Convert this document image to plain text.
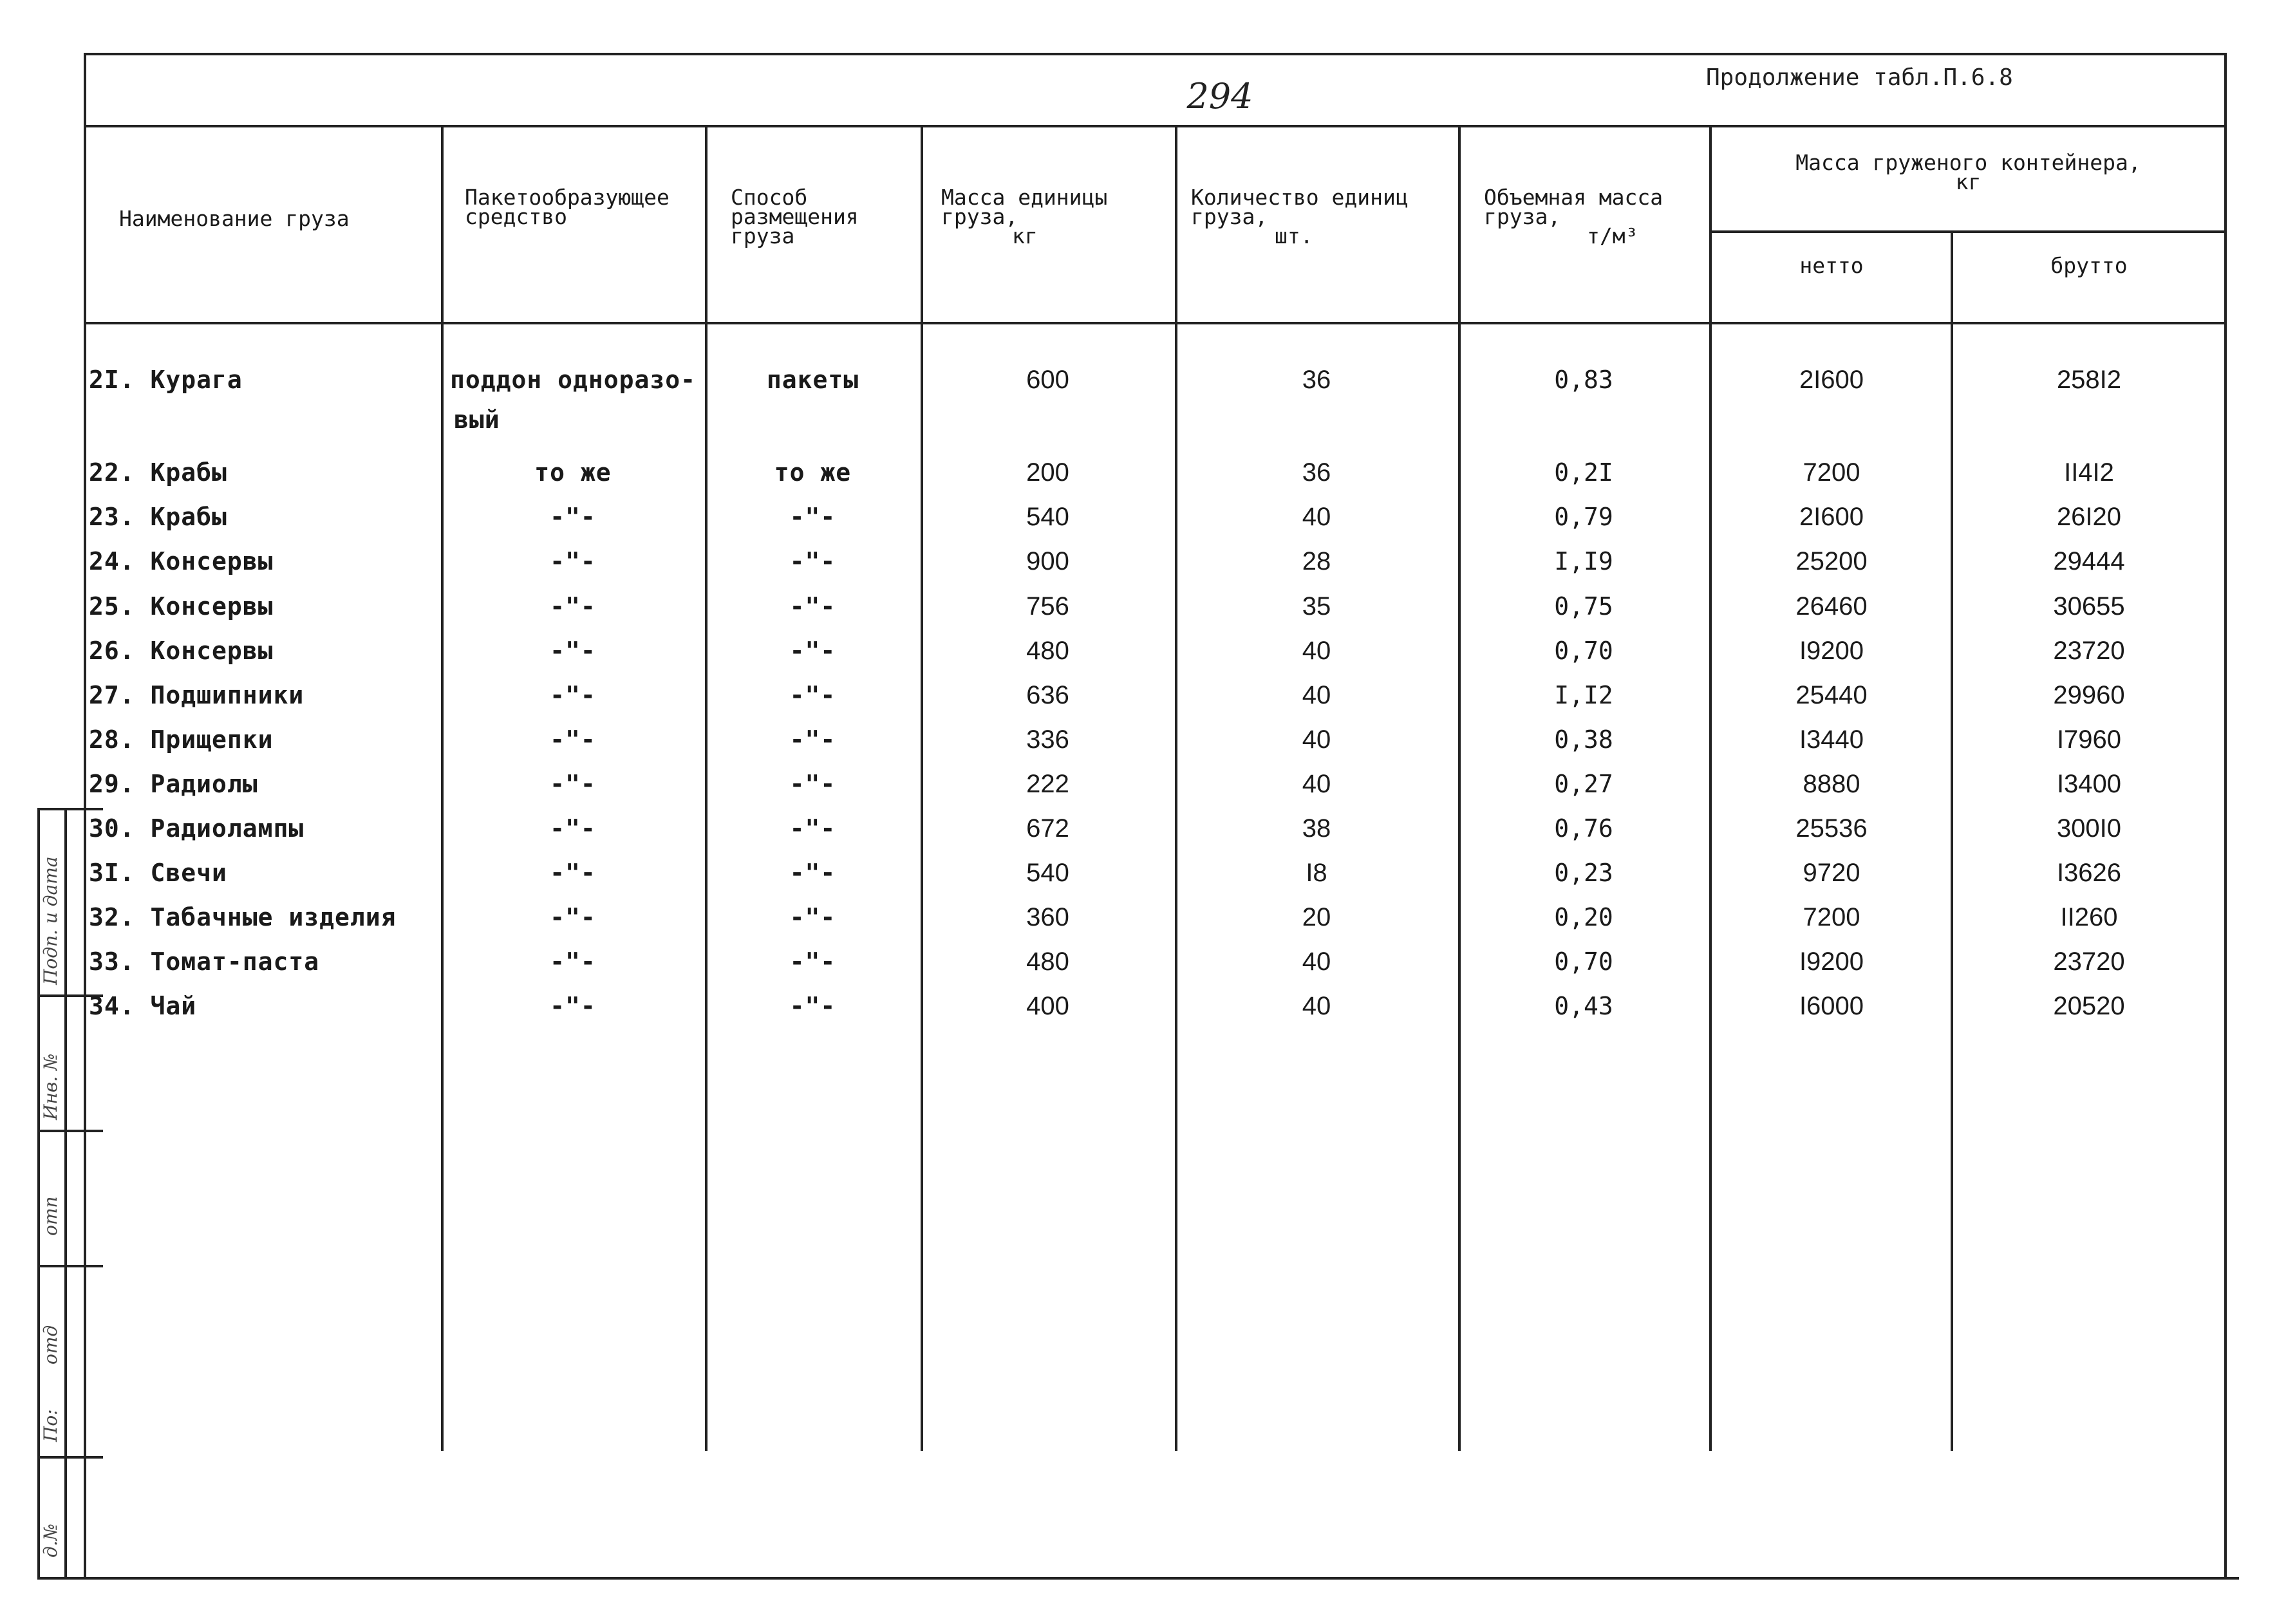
Подп. и дата
Инв. №
отп
отд
По:
д.№
294	Продолжение табл.П.6.8
Наименование груза
Пакетообразующее
средство
Способ
размещения
груза
Масса единицы
груза,
кг
Количество единиц
груза,
шт.
Объемная масса
груза,
т/м³
Масса груженого контейнера,
кг
нетто	брутто
2I. Курага	поддон одноразо-	пакеты	600	36	0,83	2I600	258I2
вый
22. Крабы	то же	то же	200	36	0,2I	7200	II4I2
23. Крабы	-"-	-"-	540	40	0,79	2I600	26I20
24. Консервы	-"-	-"-	900	28	I,I9	25200	29444
25. Консервы	-"-	-"-	756	35	0,75	26460	30655
26. Консервы	-"-	-"-	480	40	0,70	I9200	23720
27. Подшипники	-"-	-"-	636	40	I,I2	25440	29960
28. Прищепки	-"-	-"-	336	40	0,38	I3440	I7960
29. Радиолы	-"-	-"-	222	40	0,27	8880	I3400
30. Радиолампы	-"-	-"-	672	38	0,76	25536	300I0
3I. Свечи	-"-	-"-	540	I8	0,23	9720	I3626
32. Табачные изделия	-"-	-"-	360	20	0,20	7200	II260
33. Томат-паста	-"-	-"-	480	40	0,70	I9200	23720
34. Чай	-"-	-"-	400	40	0,43	I6000	20520
